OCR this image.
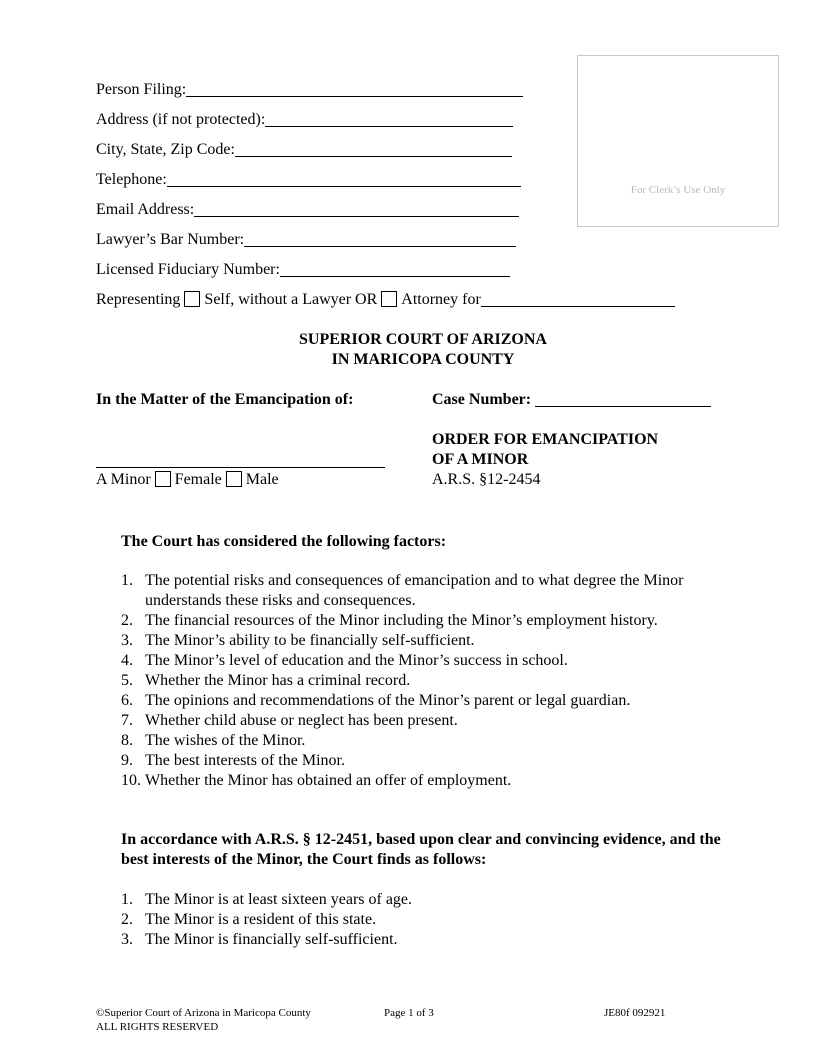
Person Filing:
Address (if not protected):
City, State, Zip Code:
Telephone:
Email Address:
Lawyer’s Bar Number:
Licensed Fiduciary Number:
Representing Self, without a Lawyer OR Attorney for
For Clerk’s Use Only
SUPERIOR COURT OF ARIZONA
IN MARICOPA COUNTY
In the Matter of the Emancipation of:	Case Number:
A Minor Female Male
ORDER FOR EMANCIPATION
OF A MINOR
A.R.S. §12-2454
The Court has considered the following factors:
1. The potential risks and consequences of emancipation and to what degree the Minor understands these risks and consequences.
2. The financial resources of the Minor including the Minor’s employment history.
3. The Minor’s ability to be financially self-sufficient.
4. The Minor’s level of education and the Minor’s success in school.
5. Whether the Minor has a criminal record.
6. The opinions and recommendations of the Minor’s parent or legal guardian.
7. Whether child abuse or neglect has been present.
8. The wishes of the Minor.
9. The best interests of the Minor.
10. Whether the Minor has obtained an offer of employment.
In accordance with A.R.S. § 12-2451, based upon clear and convincing evidence, and the best interests of the Minor, the Court finds as follows:
1. The Minor is at least sixteen years of age.
2. The Minor is a resident of this state.
3. The Minor is financially self-sufficient.
©Superior Court of Arizona in Maricopa County
ALL RIGHTS RESERVED
Page 1 of 3	JE80f 092921
